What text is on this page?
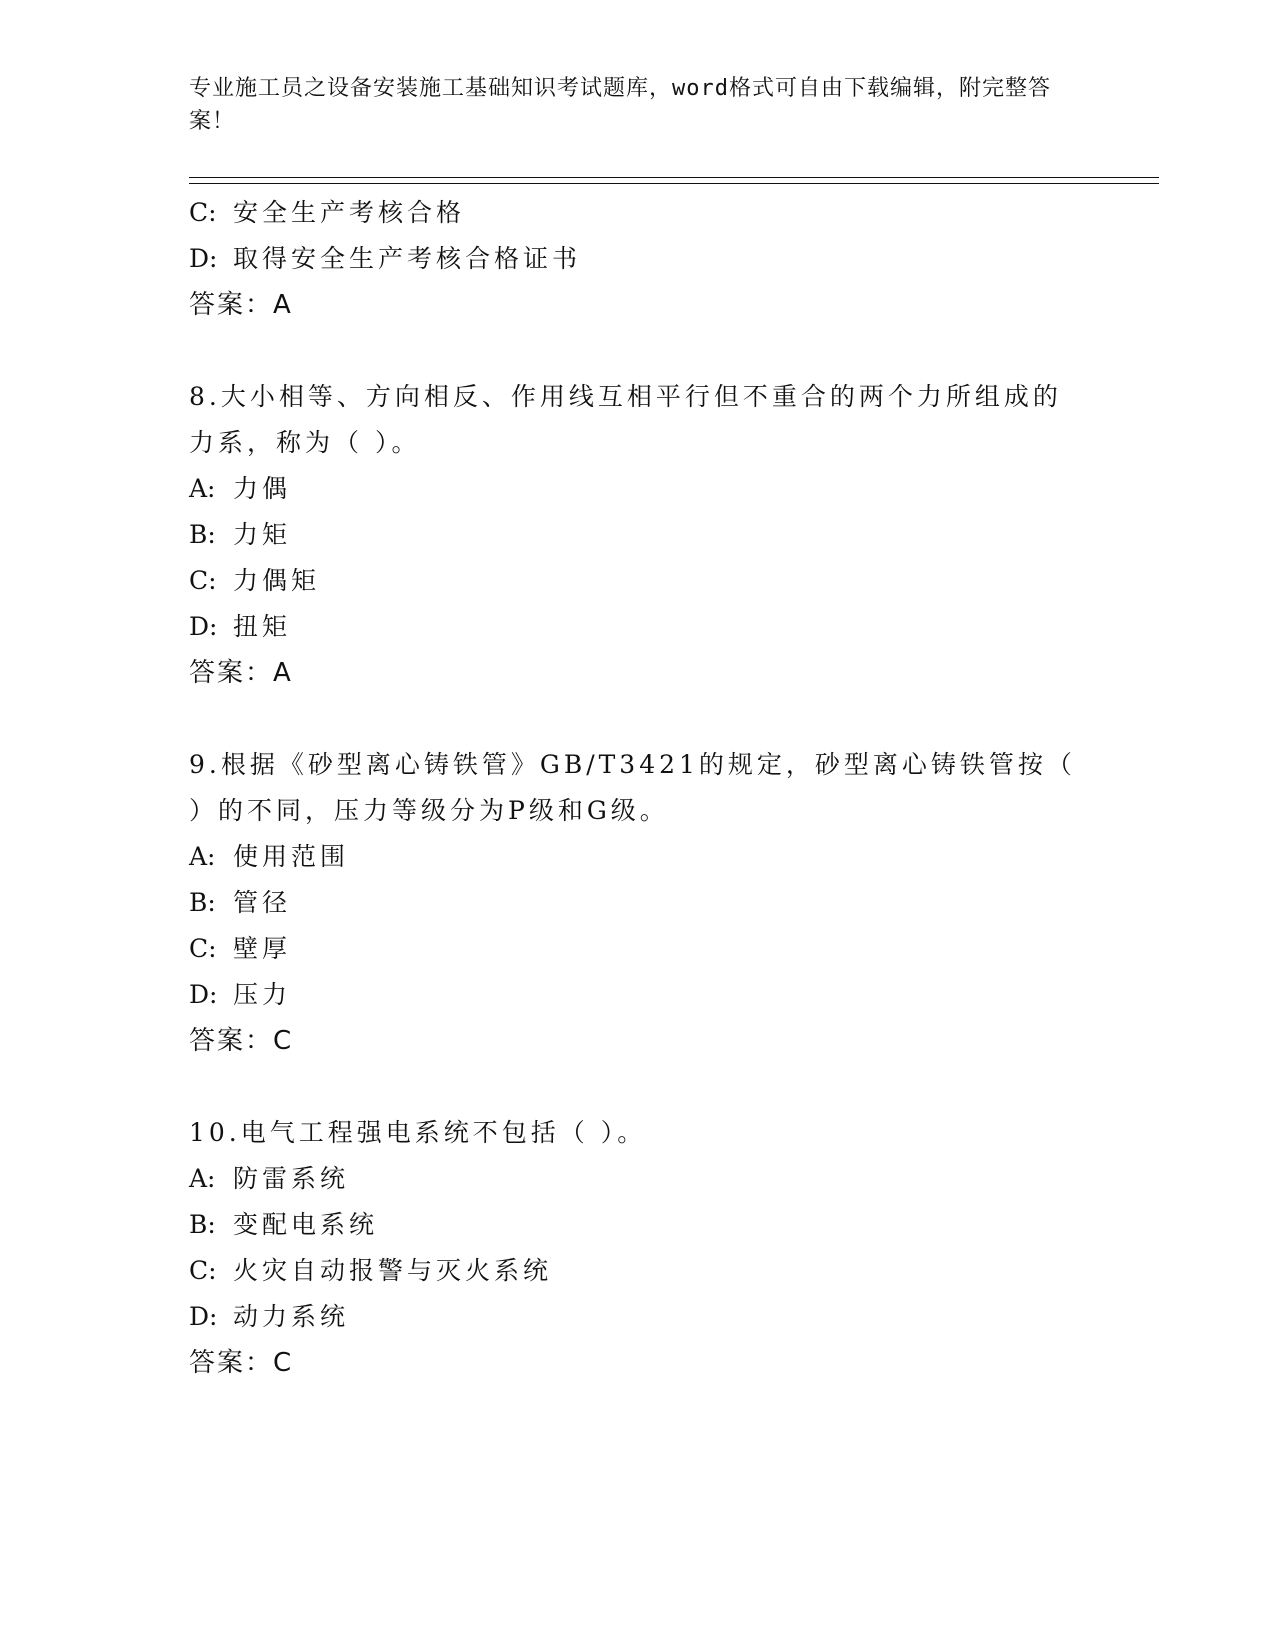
专业施工员之设备安装施工基础知识考试题库，word格式可自由下载编辑，附完整答案！
C: 安全生产考核合格
D: 取得安全生产考核合格证书
答案：A
8.大小相等、方向相反、作用线互相平行但不重合的两个力所组成的力系，称为（ ）。
A: 力偶
B: 力矩
C: 力偶矩
D: 扭矩
答案：A
9.根据《砂型离心铸铁管》GB/T3421的规定，砂型离心铸铁管按（ ）的不同，压力等级分为P级和G级。
A: 使用范围
B: 管径
C: 壁厚
D: 压力
答案：C
10.电气工程强电系统不包括（ ）。
A: 防雷系统
B: 变配电系统
C: 火灾自动报警与灭火系统
D: 动力系统
答案：C
